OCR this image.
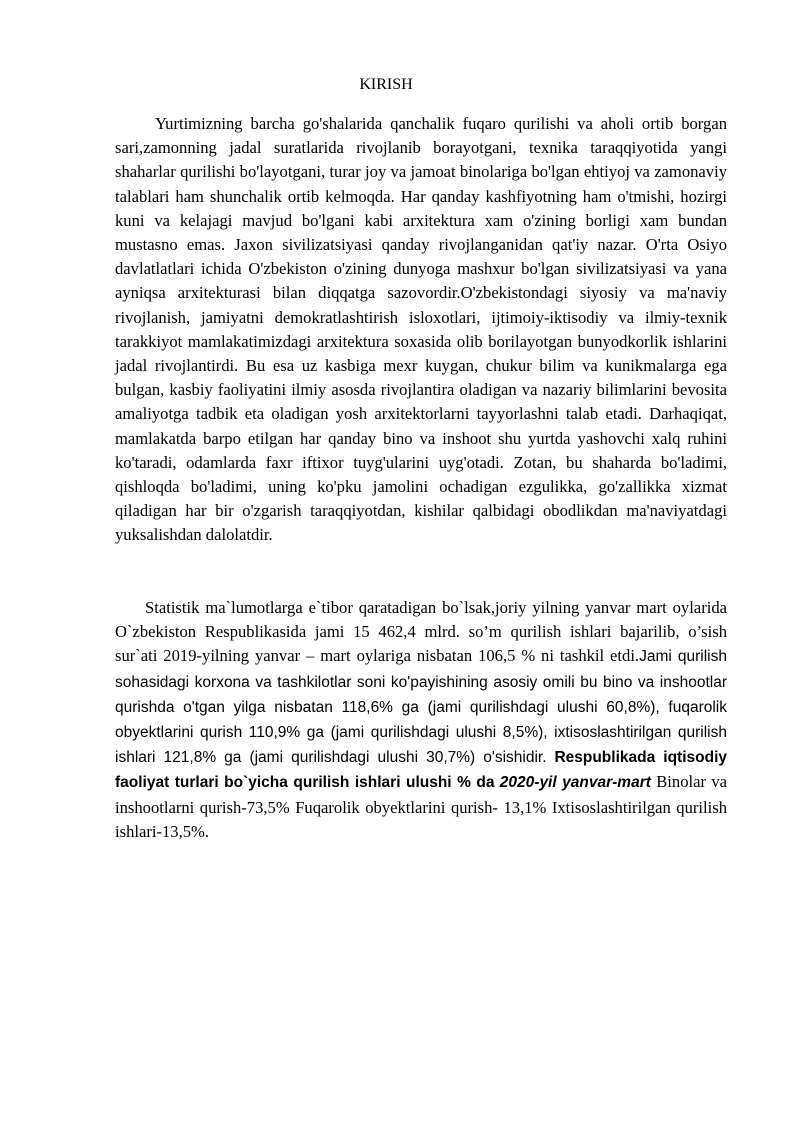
KIRISH
Yurtimizning barcha go'shalarida qanchalik fuqaro qurilishi va aholi ortib borgan sari,zamonning jadal suratlarida rivojlanib borayotgani, texnika taraqqiyotida yangi shaharlar qurilishi bo'layotgani, turar joy va jamoat binolariga bo'lgan ehtiyoj va zamonaviy talablari ham shunchalik ortib kelmoqda. Har qanday kashfiyotning ham o'tmishi, hozirgi kuni va kelajagi mavjud bo'lgani kabi arxitektura xam o'zining borligi xam bundan mustasno emas. Jaxon sivilizatsiyasi qanday rivojlanganidan qat'iy nazar. O'rta Osiyo davlatlatlari ichida O'zbekiston o'zining dunyoga mashxur bo'lgan sivilizatsiyasi va yana ayniqsa arxitekturasi bilan diqqatga sazovordir.O'zbekistondagi siyosiy va ma'naviy rivojlanish, jamiyatni demokratlashtirish isloxotlari, ijtimoiy-iktisodiy va ilmiy-texnik tarakkiyot mamlakatimizdagi arxitektura soxasida olib borilayotgan bunyodkorlik ishlarini jadal rivojlantirdi. Bu esa uz kasbiga mexr kuygan, chukur bilim va kunikmalarga ega bulgan, kasbiy faoliyatini ilmiy asosda rivojlantira oladigan va nazariy bilimlarini bevosita amaliyotga tadbik eta oladigan yosh arxitektorlarni tayyorlashni talab etadi. Darhaqiqat, mamlakatda barpo etilgan har qanday bino va inshoot shu yurtda yashovchi xalq ruhini ko'taradi, odamlarda faxr iftixor tuyg'ularini uyg'otadi. Zotan, bu shaharda bo'ladimi, qishloqda bo'ladimi, uning ko'pku jamolini ochadigan ezgulikka, go'zallikka xizmat qiladigan har bir o'zgarish taraqqiyotdan, kishilar qalbidagi obodlikdan ma'naviyatdagi yuksalishdan dalolatdir.
Statistik ma`lumotlarga e`tibor qaratadigan bo`lsak,joriy yilning yanvar mart oylarida O`zbekiston Respublikasida jami 15 462,4 mlrd. so’m qurilish ishlari bajarilib, o’sish sur`ati 2019-yilning yanvar – mart oylariga nisbatan 106,5 % ni tashkil etdi.Jami qurilish sohasidagi korxona va tashkilotlar soni ko'payishining asosiy omili bu bino va inshootlar qurishda o'tgan yilga nisbatan 118,6% ga (jami qurilishdagi ulushi 60,8%), fuqarolik obyektlarini qurish 110,9% ga (jami qurilishdagi ulushi 8,5%), ixtisoslashtirilgan qurilish ishlari 121,8% ga (jami qurilishdagi ulushi 30,7%) o'sishidir. Respublikada iqtisodiy faoliyat turlari bo`yicha qurilish ishlari ulushi % da 2020-yil yanvar-mart Binolar va inshootlarni qurish-73,5% Fuqarolik obyektlarini qurish- 13,1% Ixtisoslashtirilgan qurilish ishlari-13,5%.
